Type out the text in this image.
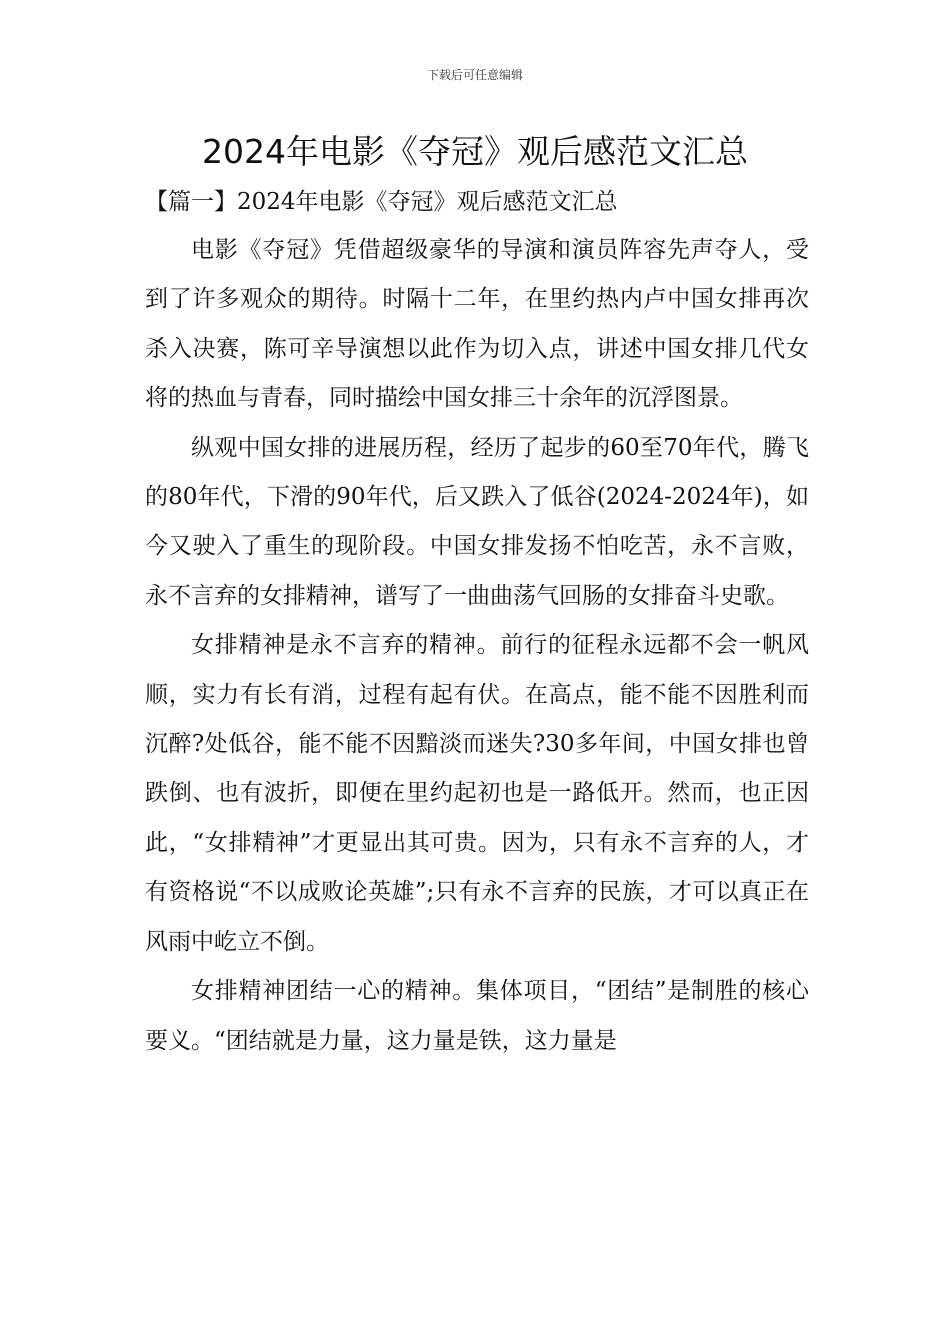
下载后可任意编辑
2024年电影《夺冠》观后感范文汇总
【篇一】2024年电影《夺冠》观后感范文汇总

电影《夺冠》凭借超级豪华的导演和演员阵容先声夺人，受到了许多观众的期待。时隔十二年，在里约热内卢中国女排再次杀入决赛，陈可辛导演想以此作为切入点，讲述中国女排几代女将的热血与青春，同时描绘中国女排三十余年的沉浮图景。

纵观中国女排的进展历程，经历了起步的60至70年代，腾飞的80年代，下滑的90年代，后又跌入了低谷(2024-2024年)，如今又驶入了重生的现阶段。中国女排发扬不怕吃苦，永不言败，永不言弃的女排精神，谱写了一曲曲荡气回肠的女排奋斗史歌。

女排精神是永不言弃的精神。前行的征程永远都不会一帆风顺，实力有长有消，过程有起有伏。在高点，能不能不因胜利而沉醉?处低谷，能不能不因黯淡而迷失?30多年间，中国女排也曾跌倒、也有波折，即便在里约起初也是一路低开。然而，也正因此，“女排精神”才更显出其可贵。因为，只有永不言弃的人，才有资格说“不以成败论英雄”;只有永不言弃的民族，才可以真正在风雨中屹立不倒。

女排精神团结一心的精神。集体项目，“团结”是制胜的核心要义。“团结就是力量，这力量是铁，这力量是
